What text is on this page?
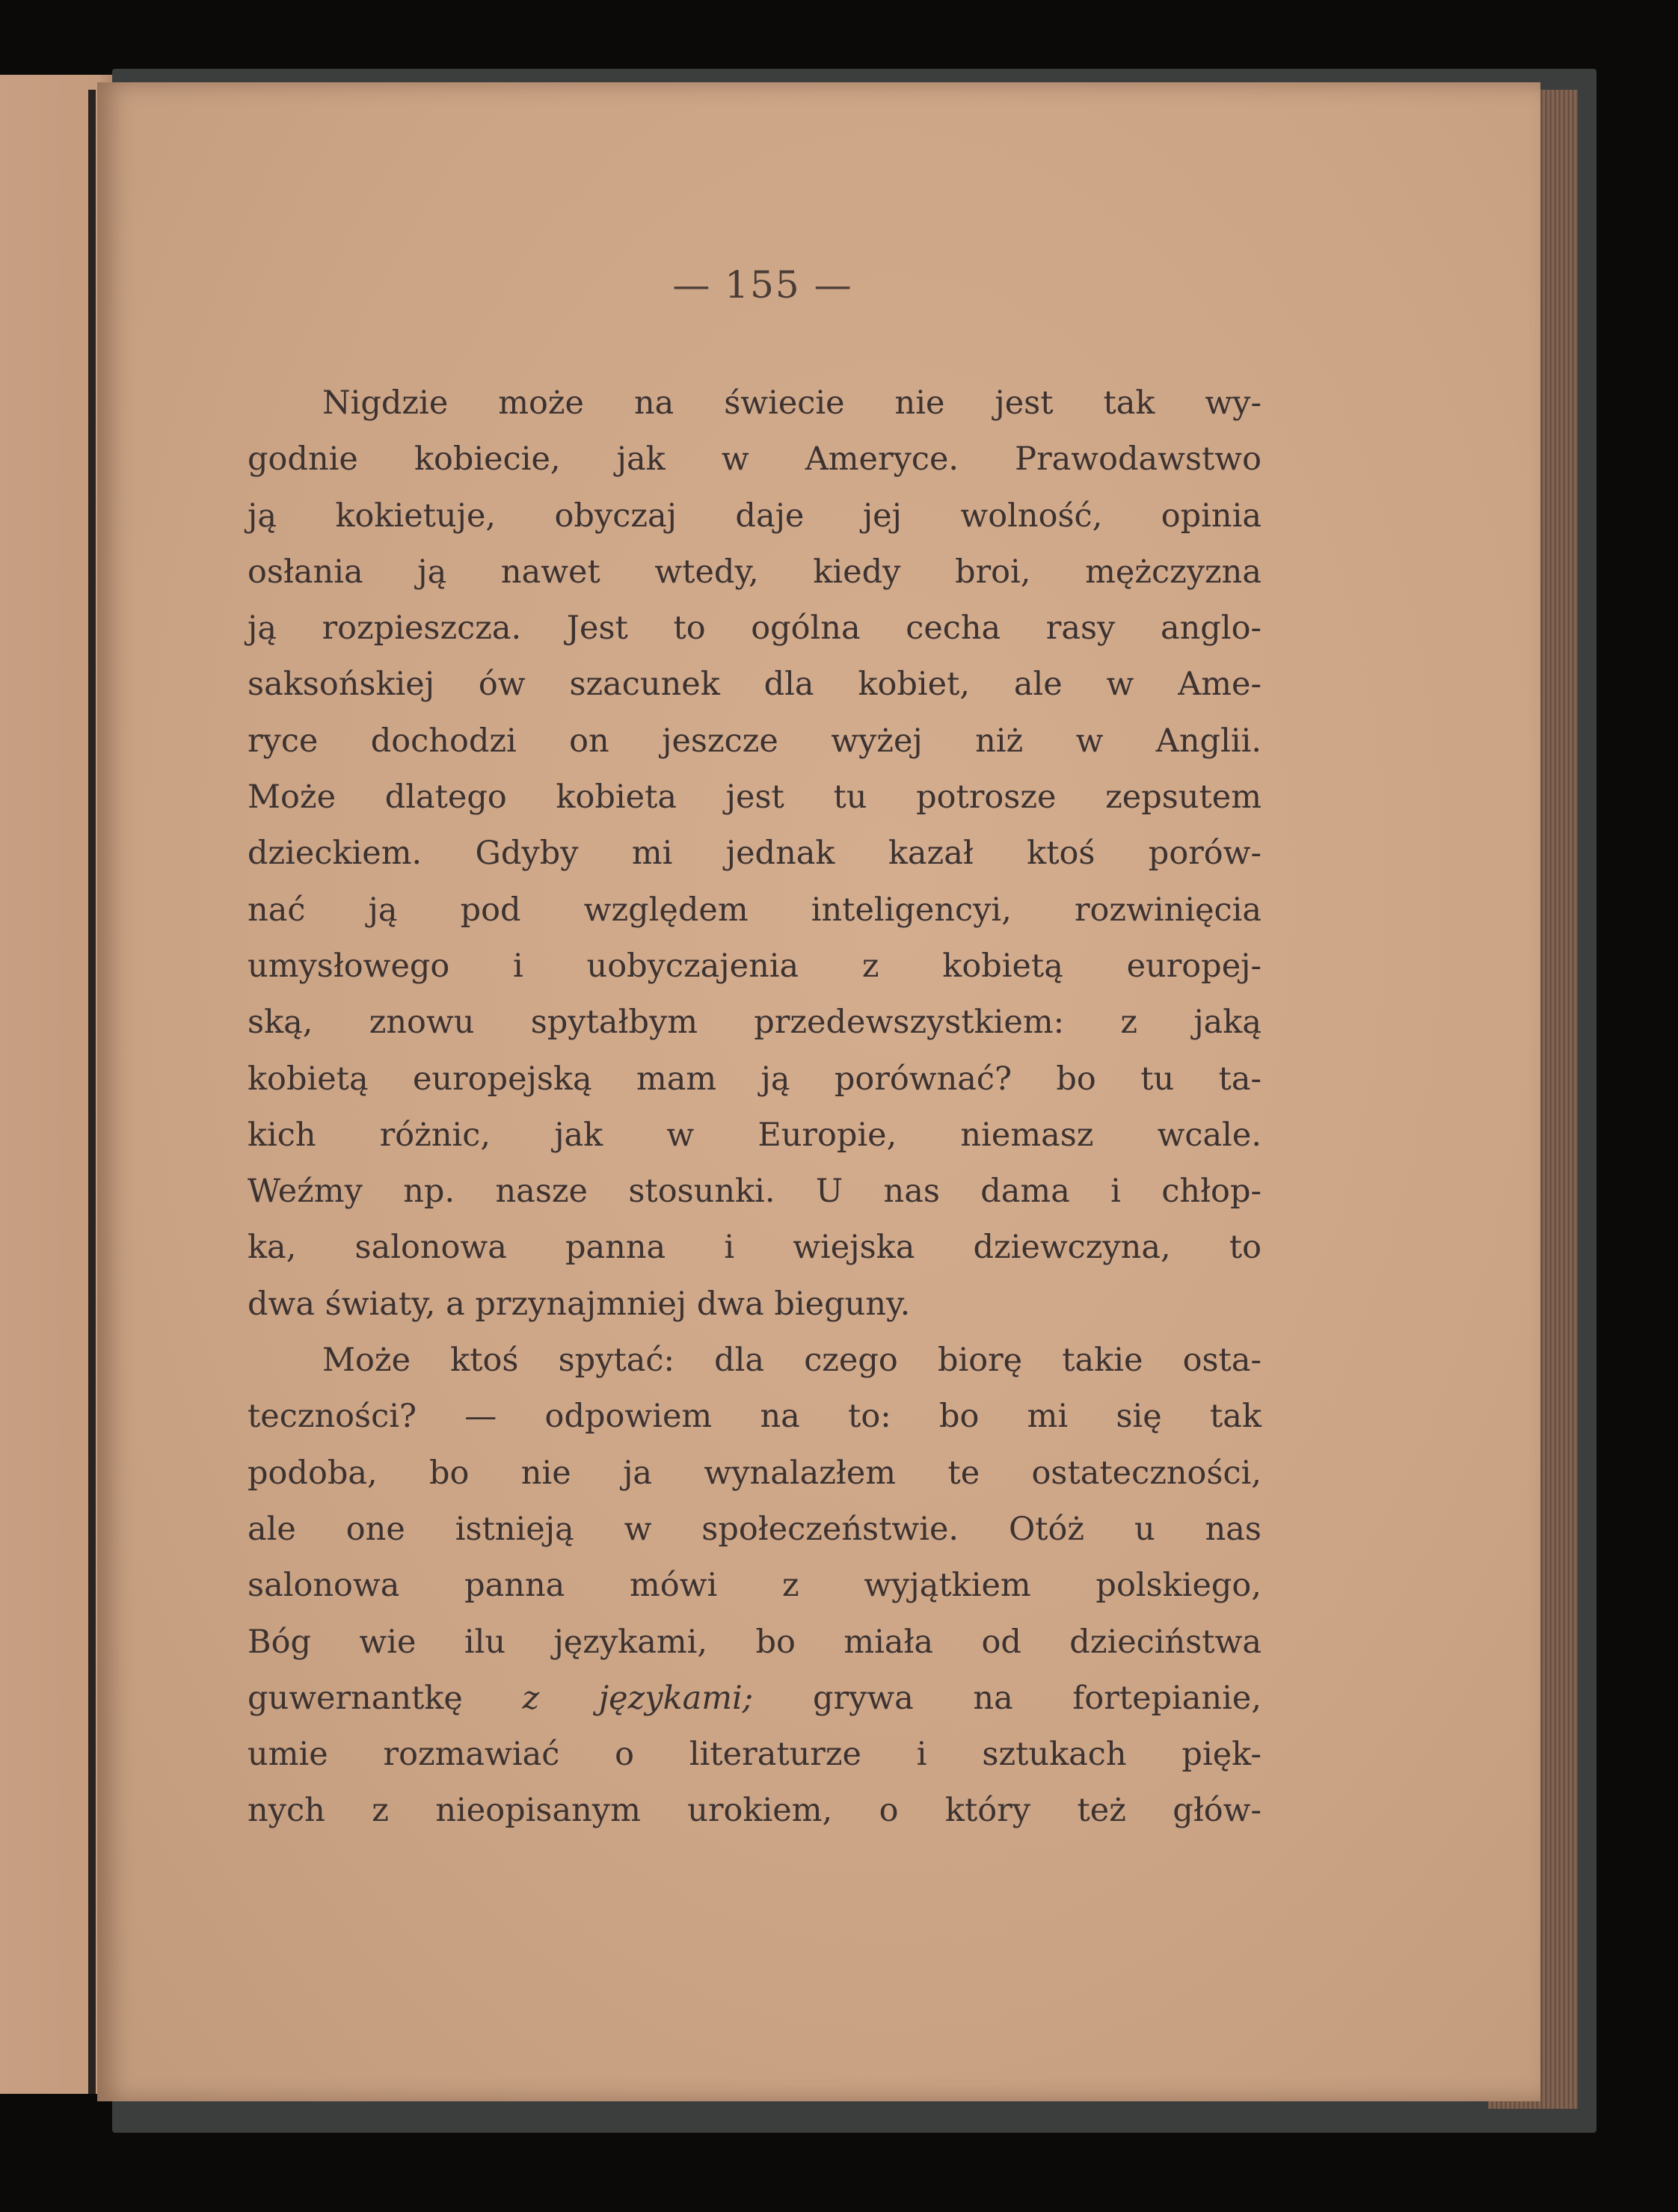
— 155 —
Nigdzie może na świecie nie jest tak wy-
godnie kobiecie, jak w Ameryce. Prawodawstwo
ją kokietuje, obyczaj daje jej wolność, opinia
osłania ją nawet wtedy, kiedy broi, mężczyzna
ją rozpieszcza. Jest to ogólna cecha rasy anglo-
saksońskiej ów szacunek dla kobiet, ale w Ame-
ryce dochodzi on jeszcze wyżej niż w Anglii.
Może dlatego kobieta jest tu potrosze zepsutem
dzieckiem. Gdyby mi jednak kazał ktoś porów-
nać ją pod względem inteligencyi, rozwinięcia
umysłowego i uobyczajenia z kobietą europej-
ską, znowu spytałbym przedewszystkiem: z jaką
kobietą europejską mam ją porównać? bo tu ta-
kich różnic, jak w Europie, niemasz wcale.
Weźmy np. nasze stosunki. U nas dama i chłop-
ka, salonowa panna i wiejska dziewczyna, to
dwa światy, a przynajmniej dwa bieguny.
Może ktoś spytać: dla czego biorę takie osta-
teczności? — odpowiem na to: bo mi się tak
podoba, bo nie ja wynalazłem te ostateczności,
ale one istnieją w społeczeństwie. Otóż u nas
salonowa panna mówi z wyjątkiem polskiego,
Bóg wie ilu językami, bo miała od dzieciństwa
guwernantkę z językami; grywa na fortepianie,
umie rozmawiać o literaturze i sztukach pięk-
nych z nieopisanym urokiem, o który też głów-
